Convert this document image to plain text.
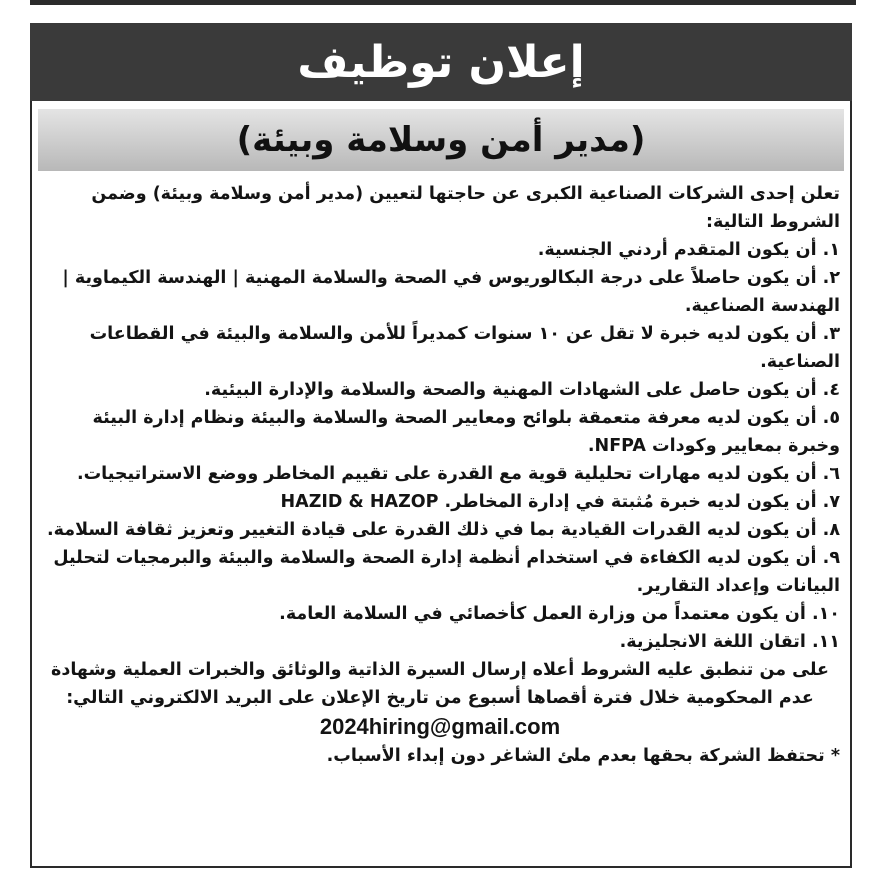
إعلان توظيف
(مدير أمن وسلامة وبيئة)

تعلن إحدى الشركات الصناعية الكبرى عن حاجتها لتعيين (مدير أمن وسلامة وبيئة) وضمن الشروط التالية:

١. أن يكون المتقدم أردني الجنسية.

٢. أن يكون حاصلاً على درجة البكالوريوس في الصحة والسلامة المهنية | الهندسة الكيماوية | الهندسة الصناعية.

٣. أن يكون لديه خبرة لا تقل عن ١٠ سنوات كمديراً للأمن والسلامة والبيئة في القطاعات الصناعية.

٤. أن يكون حاصل على الشهادات المهنية والصحة والسلامة والإدارة البيئية.

٥. أن يكون لديه معرفة متعمقة بلوائح ومعايير الصحة والسلامة والبيئة ونظام إدارة البيئة وخبرة بمعايير وكودات NFPA.

٦. أن يكون لديه مهارات تحليلية قوية مع القدرة على تقييم المخاطر ووضع الاستراتيجيات.

٧. أن يكون لديه خبرة مُثبتة في إدارة المخاطر. HAZID & HAZOP

٨. أن يكون لديه القدرات القيادية بما في ذلك القدرة على قيادة التغيير وتعزيز ثقافة السلامة.

٩. أن يكون لديه الكفاءة في استخدام أنظمة إدارة الصحة والسلامة والبيئة والبرمجيات لتحليل البيانات وإعداد التقارير.

١٠. أن يكون معتمداً من وزارة العمل كأخصائي في السلامة العامة.

١١. اتقان اللغة الانجليزية.

على من تنطبق عليه الشروط أعلاه إرسال السيرة الذاتية والوثائق والخبرات العملية وشهادة عدم المحكومية خلال فترة أقصاها أسبوع من تاريخ الإعلان على البريد الالكتروني التالي:

2024hiring@gmail.com

* تحتفظ الشركة بحقها بعدم ملئ الشاغر دون إبداء الأسباب.
